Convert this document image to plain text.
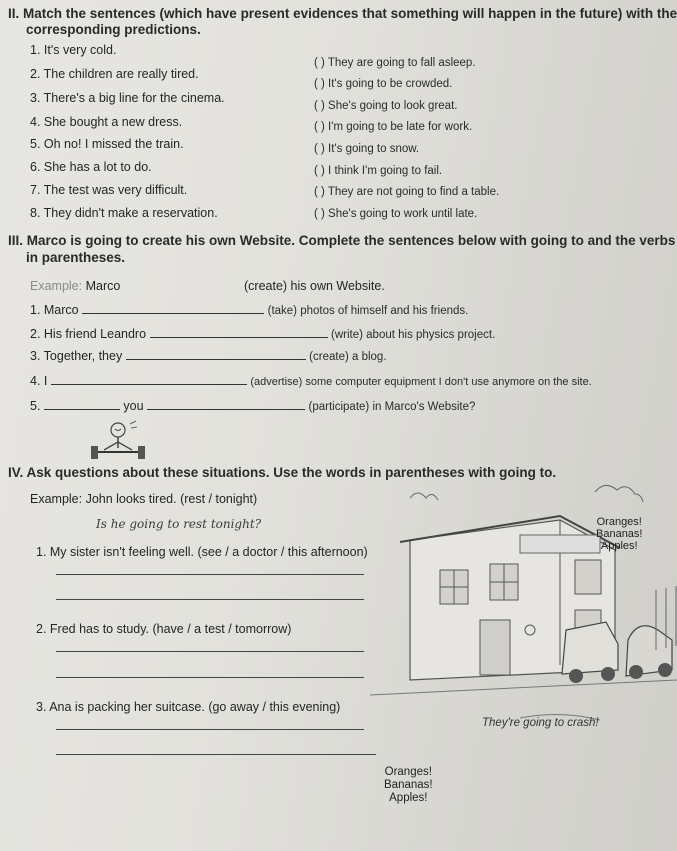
II. Match the sentences (which have present evidences that something will happen in the future) with the
corresponding predictions.
1. It's very cold.
2. The children are really tired.
3. There's a big line for the cinema.
4. She bought a new dress.
5. Oh no! I missed the train.
6. She has a lot to do.
7. The test was very difficult.
8. They didn't make a reservation.
( ) They are going to fall asleep.
( ) It's going to be crowded.
( ) She's going to look great.
( ) I'm going to be late for work.
( ) It's going to snow.
( ) I think I'm going to fail.
( ) They are not going to find a table.
( ) She's going to work until late.
III. Marco is going to create his own Website. Complete the sentences below with going to and the verbs
in parentheses.
Example: Marco	(create) his own Website.
1. Marco	(take) photos of himself and his friends.
2. His friend Leandro	(write) about his physics project.
3. Together, they	(create) a blog.
4. I	(advertise) some computer equipment I don't use anymore on the site.
5.	you	(participate) in Marco's Website?
IV. Ask questions about these situations. Use the words in parentheses with going to.
Example: John looks tired. (rest / tonight)
Is he going to rest tonight?
1. My sister isn't feeling well. (see / a doctor / this afternoon)
2. Fred has to study. (have / a test / tomorrow)
3. Ana is packing her suitcase. (go away / this evening)
Oranges!
Bananas!
Apples!
They're going to crash!
Oranges!
Bananas!
Apples!
